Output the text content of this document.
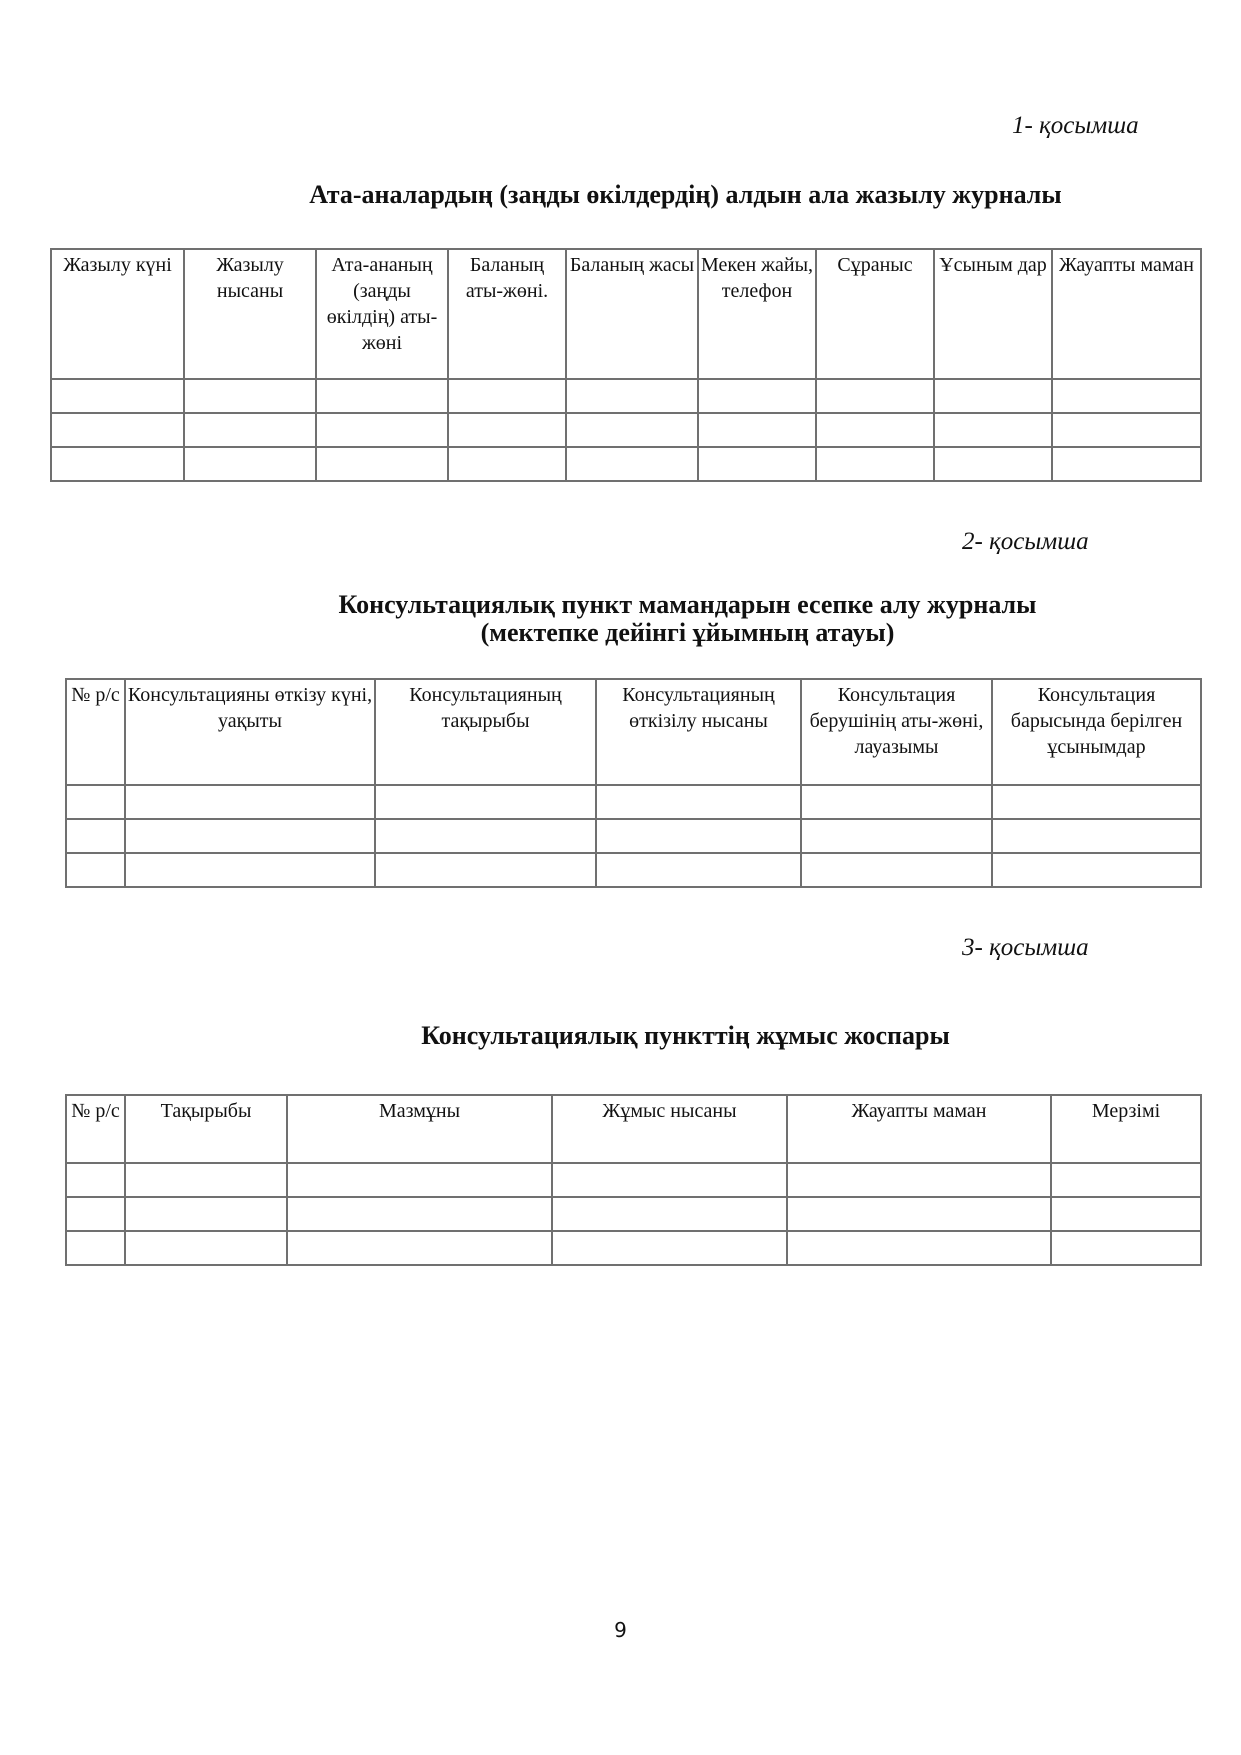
1- қосымша
Ата-аналардың (заңды өкілдердің) алдын ала жазылу журналы
Жазылу күні	Жазылу нысаны	Ата-ананың (заңды өкілдің) аты-жөні	Баланың аты-жөні.	Баланың жасы	Мекен жайы, телефон	Сұраныс	Ұсыным дар	Жауапты маман

2- қосымша
Консультациялық пункт мамандарын есепке алу журналы
(мектепке дейінгі ұйымның атауы)
№ р/с	Консультацияны өткізу күні, уақыты	Консультацияның тақырыбы	Консультацияның өткізілу нысаны	Консультация берушінің аты-жөні, лауазымы	Консультация барысында берілген ұсынымдар

3- қосымша
Консультациялық пункттің жұмыс жоспары
№ р/с	Тақырыбы	Мазмұны	Жұмыс нысаны	Жауапты маман	Мерзімі

9
